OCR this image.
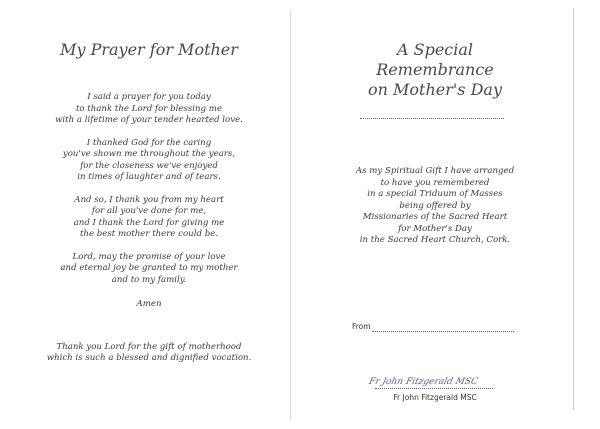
My Prayer for Mother
I said a prayer for you today
to thank the Lord for blessing me
with a lifetime of your tender hearted love.
I thanked God for the caring
you've shown me throughout the years,
for the closeness we've enjoyed
in times of laughter and of tears.
And so, I thank you from my heart
for all you've done for me,
and I thank the Lord for giving me
the best mother there could be.
Lord, may the promise of your love
and eternal joy be granted to my mother
and to my family.
Amen
Thank you Lord for the gift of motherhood
which is such a blessed and dignified vocation.
A Special Remembrance
on Mother's Day
As my Spiritual Gift I have arranged
to have you remembered
in a special Triduum of Masses
being offered by
Missionaries of the Sacred Heart
for Mother's Day
in the Sacred Heart Church, Cork.
From
Fr John Fitzgerald MSC
Fr John Fitzgerald MSC
